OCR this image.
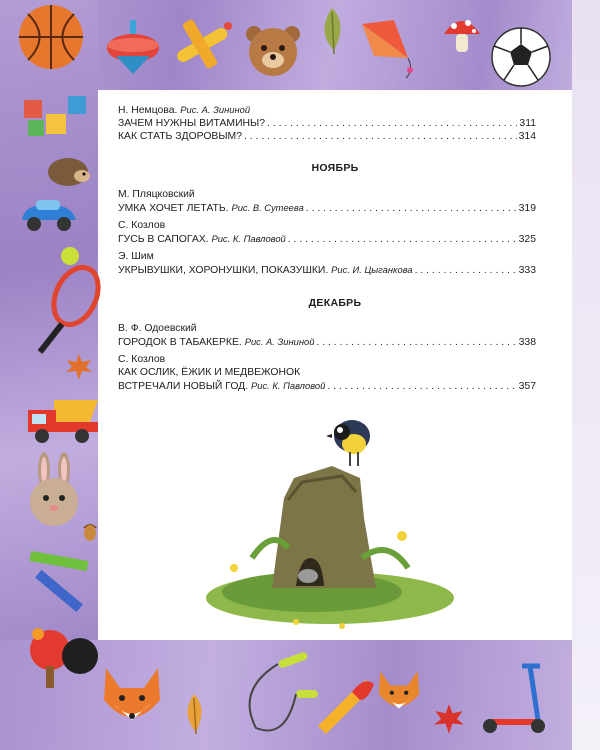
Н. Немцова. Рис. А. Зининой
ЗАЧЕМ НУЖНЫ ВИТАМИНЫ? . . .	311
КАК СТАТЬ ЗДОРОВЫМ? . . .	314
НОЯБРЬ
М. Пляцковский
УМКА ХОЧЕТ ЛЕТАТЬ.
Рис. В. Сутеева . . .	319
С. Козлов
ГУСЬ В САПОГАХ.
Рис. К. Павловой . . .	325
Э. Шим
УКРЫВУШКИ, ХОРОНУШКИ, ПОКАЗУШКИ.
Рис. И. Цыганкова . . .	333
ДЕКАБРЬ
В. Ф. Одоевский
ГОРОДОК В ТАБАКЕРКЕ.
Рис. А. Зининой . . .	338
С. Козлов
КАК ОСЛИК, ЁЖИК И МЕДВЕЖОНОК
ВСТРЕЧАЛИ НОВЫЙ ГОД.
Рис. К. Павловой . . .	357
